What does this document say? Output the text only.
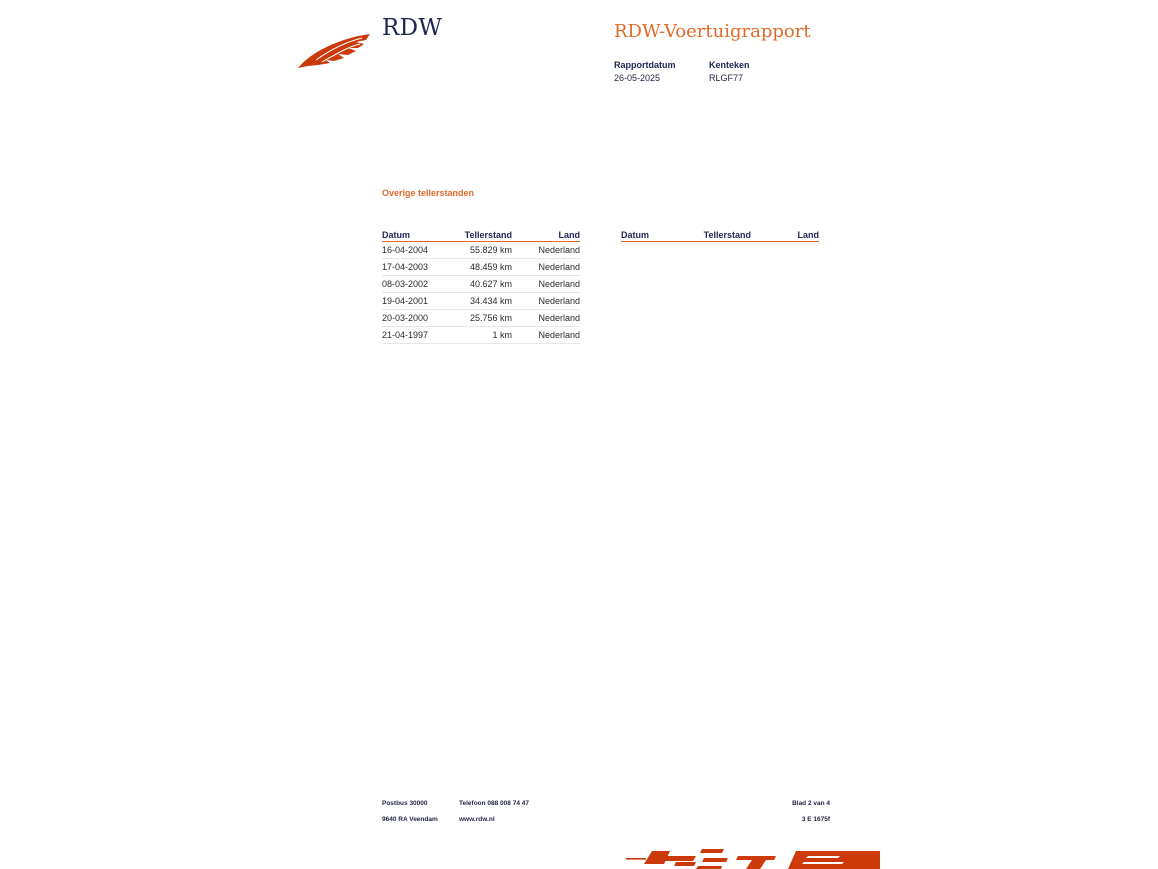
RDW	RDW-Voertuigrapport
Rapportdatum
26-05-2025
Kenteken
RLGF77
Overige tellerstanden
Datum	Tellerstand	Land
16-04-2004	55.829 km	Nederland
17-04-2003	48.459 km	Nederland
08-03-2002	40.627 km	Nederland
19-04-2001	34.434 km	Nederland
20-03-2000	25.756 km	Nederland
21-04-1997	1 km	Nederland
Datum	Tellerstand	Land
Postbus 30000
9640 RA Veendam
Telefoon 088 008 74 47
www.rdw.nl
Blad 2 van 4
3 E 1675f
